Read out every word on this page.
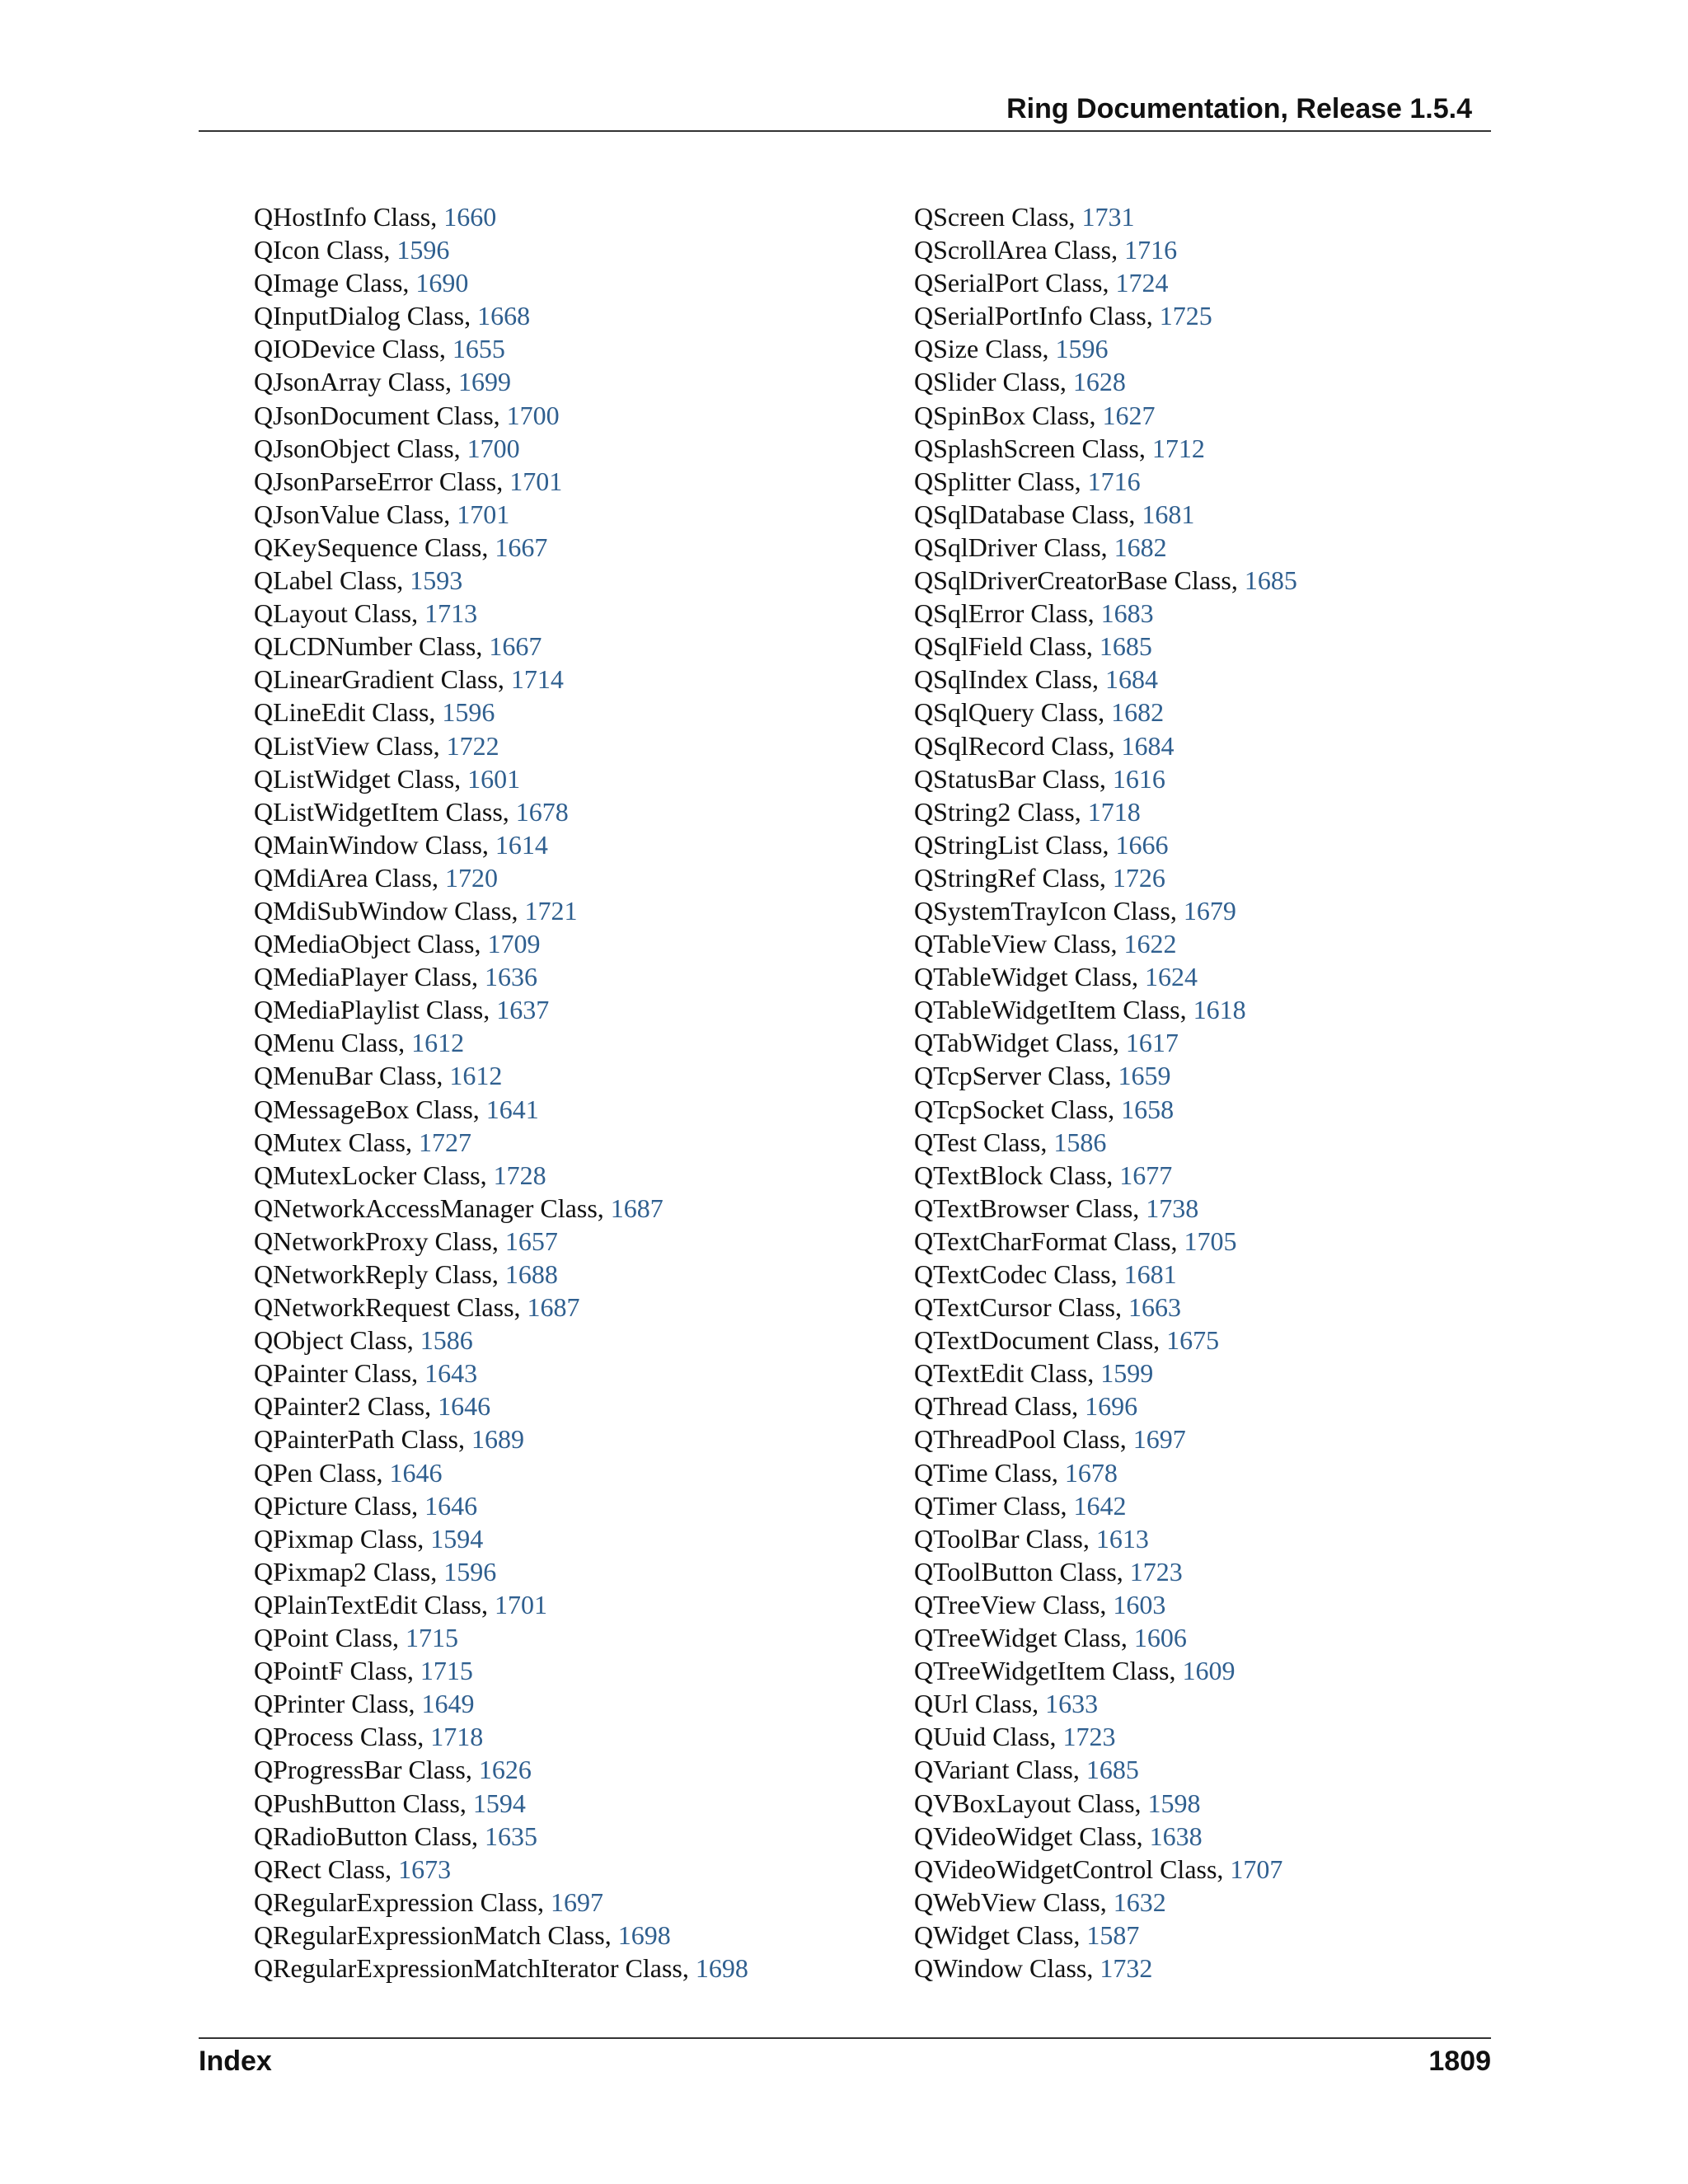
Ring Documentation, Release 1.5.4
QHostInfo Class, 1660
QIcon Class, 1596
QImage Class, 1690
QInputDialog Class, 1668
QIODevice Class, 1655
QJsonArray Class, 1699
QJsonDocument Class, 1700
QJsonObject Class, 1700
QJsonParseError Class, 1701
QJsonValue Class, 1701
QKeySequence Class, 1667
QLabel Class, 1593
QLayout Class, 1713
QLCDNumber Class, 1667
QLinearGradient Class, 1714
QLineEdit Class, 1596
QListView Class, 1722
QListWidget Class, 1601
QListWidgetItem Class, 1678
QMainWindow Class, 1614
QMdiArea Class, 1720
QMdiSubWindow Class, 1721
QMediaObject Class, 1709
QMediaPlayer Class, 1636
QMediaPlaylist Class, 1637
QMenu Class, 1612
QMenuBar Class, 1612
QMessageBox Class, 1641
QMutex Class, 1727
QMutexLocker Class, 1728
QNetworkAccessManager Class, 1687
QNetworkProxy Class, 1657
QNetworkReply Class, 1688
QNetworkRequest Class, 1687
QObject Class, 1586
QPainter Class, 1643
QPainter2 Class, 1646
QPainterPath Class, 1689
QPen Class, 1646
QPicture Class, 1646
QPixmap Class, 1594
QPixmap2 Class, 1596
QPlainTextEdit Class, 1701
QPoint Class, 1715
QPointF Class, 1715
QPrinter Class, 1649
QProcess Class, 1718
QProgressBar Class, 1626
QPushButton Class, 1594
QRadioButton Class, 1635
QRect Class, 1673
QRegularExpression Class, 1697
QRegularExpressionMatch Class, 1698
QRegularExpressionMatchIterator Class, 1698
QScreen Class, 1731
QScrollArea Class, 1716
QSerialPort Class, 1724
QSerialPortInfo Class, 1725
QSize Class, 1596
QSlider Class, 1628
QSpinBox Class, 1627
QSplashScreen Class, 1712
QSplitter Class, 1716
QSqlDatabase Class, 1681
QSqlDriver Class, 1682
QSqlDriverCreatorBase Class, 1685
QSqlError Class, 1683
QSqlField Class, 1685
QSqlIndex Class, 1684
QSqlQuery Class, 1682
QSqlRecord Class, 1684
QStatusBar Class, 1616
QString2 Class, 1718
QStringList Class, 1666
QStringRef Class, 1726
QSystemTrayIcon Class, 1679
QTableView Class, 1622
QTableWidget Class, 1624
QTableWidgetItem Class, 1618
QTabWidget Class, 1617
QTcpServer Class, 1659
QTcpSocket Class, 1658
QTest Class, 1586
QTextBlock Class, 1677
QTextBrowser Class, 1738
QTextCharFormat Class, 1705
QTextCodec Class, 1681
QTextCursor Class, 1663
QTextDocument Class, 1675
QTextEdit Class, 1599
QThread Class, 1696
QThreadPool Class, 1697
QTime Class, 1678
QTimer Class, 1642
QToolBar Class, 1613
QToolButton Class, 1723
QTreeView Class, 1603
QTreeWidget Class, 1606
QTreeWidgetItem Class, 1609
QUrl Class, 1633
QUuid Class, 1723
QVariant Class, 1685
QVBoxLayout Class, 1598
QVideoWidget Class, 1638
QVideoWidgetControl Class, 1707
QWebView Class, 1632
QWidget Class, 1587
QWindow Class, 1732
Index	1809
